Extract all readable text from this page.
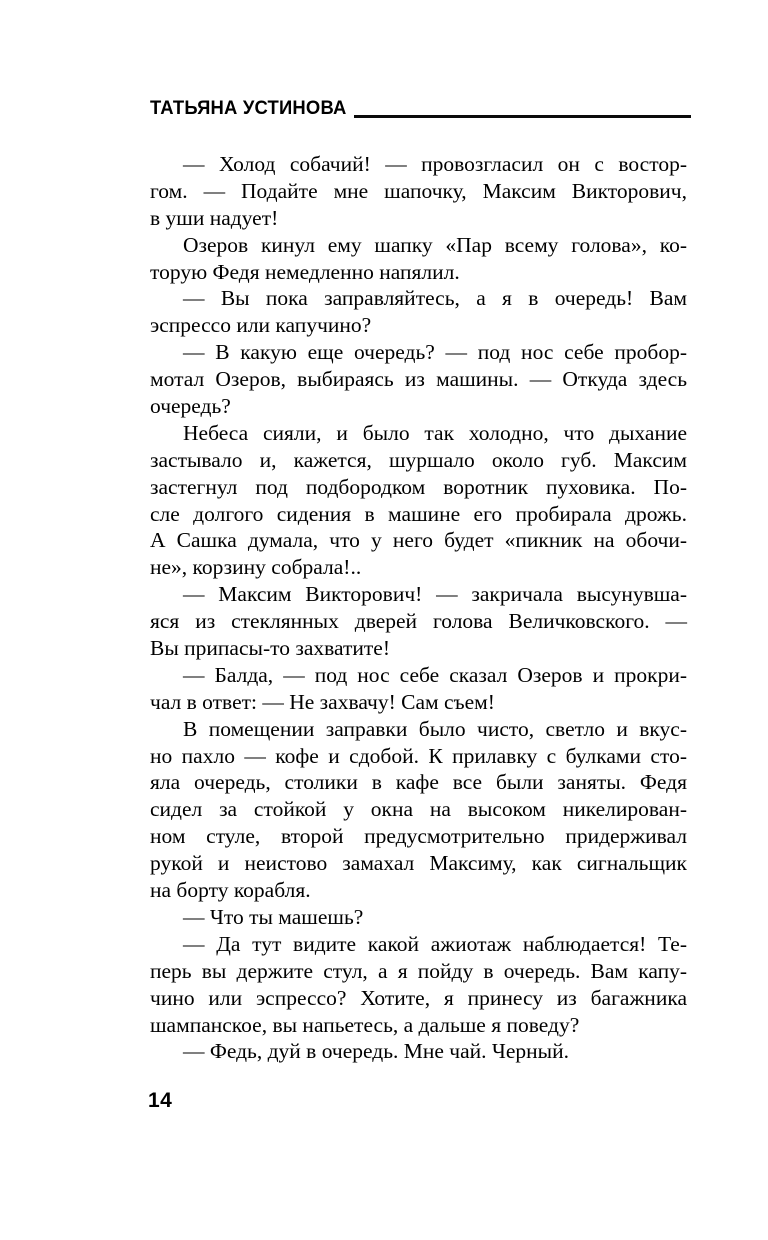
ТАТЬЯНА УСТИНОВА
— Холод собачий! — провозгласил он с востор-
гом. — Подайте мне шапочку, Максим Викторович,
в уши надует!
Озеров кинул ему шапку «Пар всему голова», ко-
торую Федя немедленно напялил.
— Вы пока заправляйтесь, а я в очередь! Вам
эспрессо или капучино?
— В какую еще очередь? — под нос себе пробор-
мотал Озеров, выбираясь из машины. — Откуда здесь
очередь?
Небеса сияли, и было так холодно, что дыхание
застывало и, кажется, шуршало около губ. Максим
застегнул под подбородком воротник пуховика. По-
сле долгого сидения в машине его пробирала дрожь.
А Сашка думала, что у него будет «пикник на обочи-
не», корзину собрала!..
— Максим Викторович! — закричала высунувша-
яся из стеклянных дверей голова Величковского. —
Вы припасы-то захватите!
— Балда, — под нос себе сказал Озеров и прокри-
чал в ответ: — Не захвачу! Сам съем!
В помещении заправки было чисто, светло и вкус-
но пахло — кофе и сдобой. К прилавку с булками сто-
яла очередь, столики в кафе все были заняты. Федя
сидел за стойкой у окна на высоком никелирован-
ном стуле, второй предусмотрительно придерживал
рукой и неистово замахал Максиму, как сигнальщик
на борту корабля.
— Что ты машешь?
— Да тут видите какой ажиотаж наблюдается! Те-
перь вы держите стул, а я пойду в очередь. Вам капу-
чино или эспрессо? Хотите, я принесу из багажника
шампанское, вы напьетесь, а дальше я поведу?
— Федь, дуй в очередь. Мне чай. Черный.
14
